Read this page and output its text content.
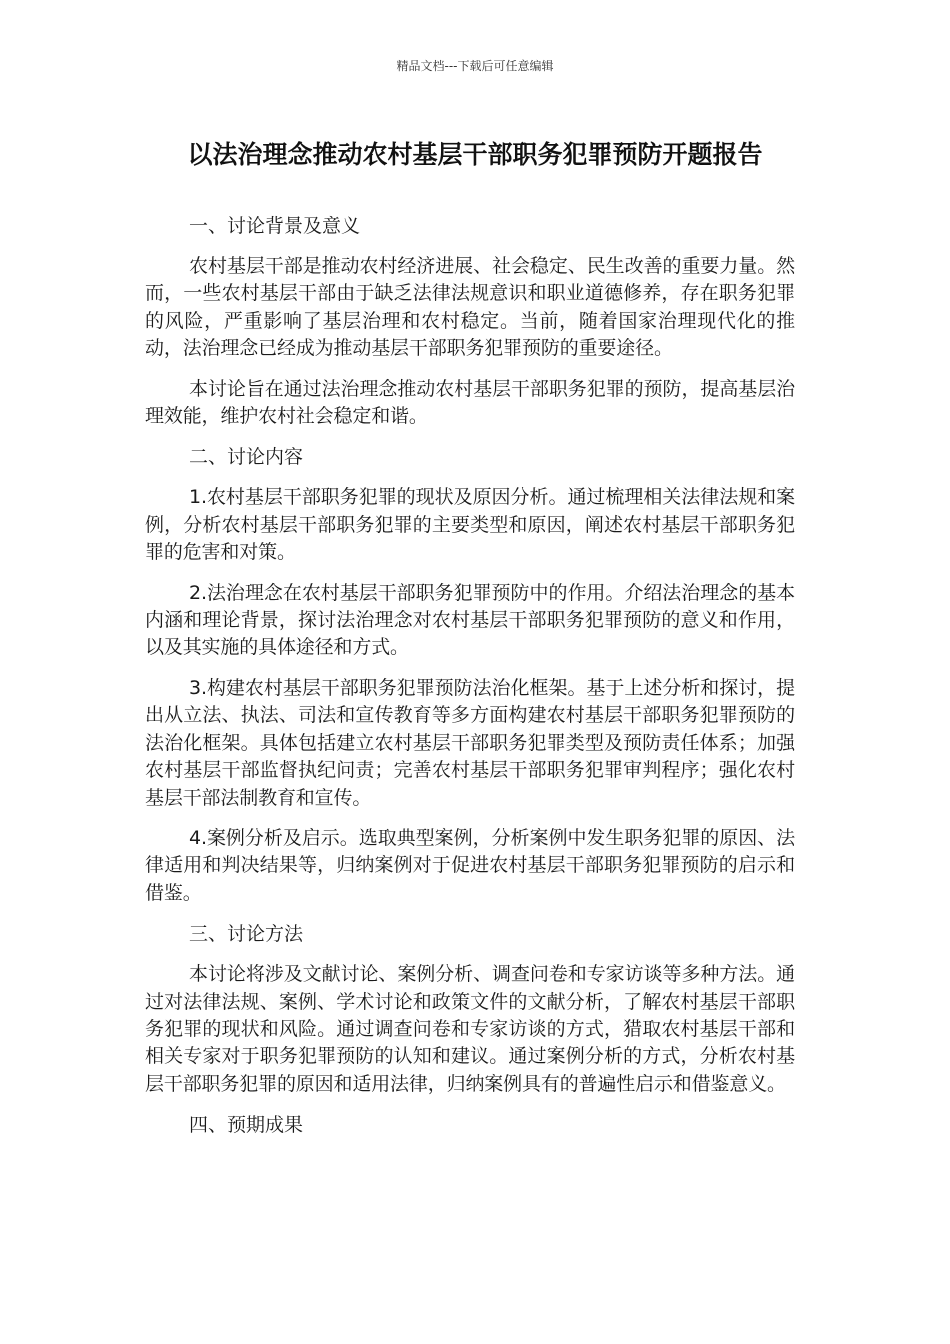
精品文档---下载后可任意编辑
以法治理念推动农村基层干部职务犯罪预防开题报告

一、讨论背景及意义

农村基层干部是推动农村经济进展、社会稳定、民生改善的重要力量。然而，一些农村基层干部由于缺乏法律法规意识和职业道德修养，存在职务犯罪的风险，严重影响了基层治理和农村稳定。当前，随着国家治理现代化的推动，法治理念已经成为推动基层干部职务犯罪预防的重要途径。

本讨论旨在通过法治理念推动农村基层干部职务犯罪的预防，提高基层治理效能，维护农村社会稳定和谐。

二、讨论内容

1.农村基层干部职务犯罪的现状及原因分析。通过梳理相关法律法规和案例，分析农村基层干部职务犯罪的主要类型和原因，阐述农村基层干部职务犯罪的危害和对策。

2.法治理念在农村基层干部职务犯罪预防中的作用。介绍法治理念的基本内涵和理论背景，探讨法治理念对农村基层干部职务犯罪预防的意义和作用，以及其实施的具体途径和方式。

3.构建农村基层干部职务犯罪预防法治化框架。基于上述分析和探讨，提出从立法、执法、司法和宣传教育等多方面构建农村基层干部职务犯罪预防的法治化框架。具体包括建立农村基层干部职务犯罪类型及预防责任体系；加强农村基层干部监督执纪问责；完善农村基层干部职务犯罪审判程序；强化农村基层干部法制教育和宣传。

4.案例分析及启示。选取典型案例，分析案例中发生职务犯罪的原因、法律适用和判决结果等，归纳案例对于促进农村基层干部职务犯罪预防的启示和借鉴。

三、讨论方法

本讨论将涉及文献讨论、案例分析、调查问卷和专家访谈等多种方法。通过对法律法规、案例、学术讨论和政策文件的文献分析，了解农村基层干部职务犯罪的现状和风险。通过调查问卷和专家访谈的方式，猎取农村基层干部和相关专家对于职务犯罪预防的认知和建议。通过案例分析的方式，分析农村基层干部职务犯罪的原因和适用法律，归纳案例具有的普遍性启示和借鉴意义。

四、预期成果
